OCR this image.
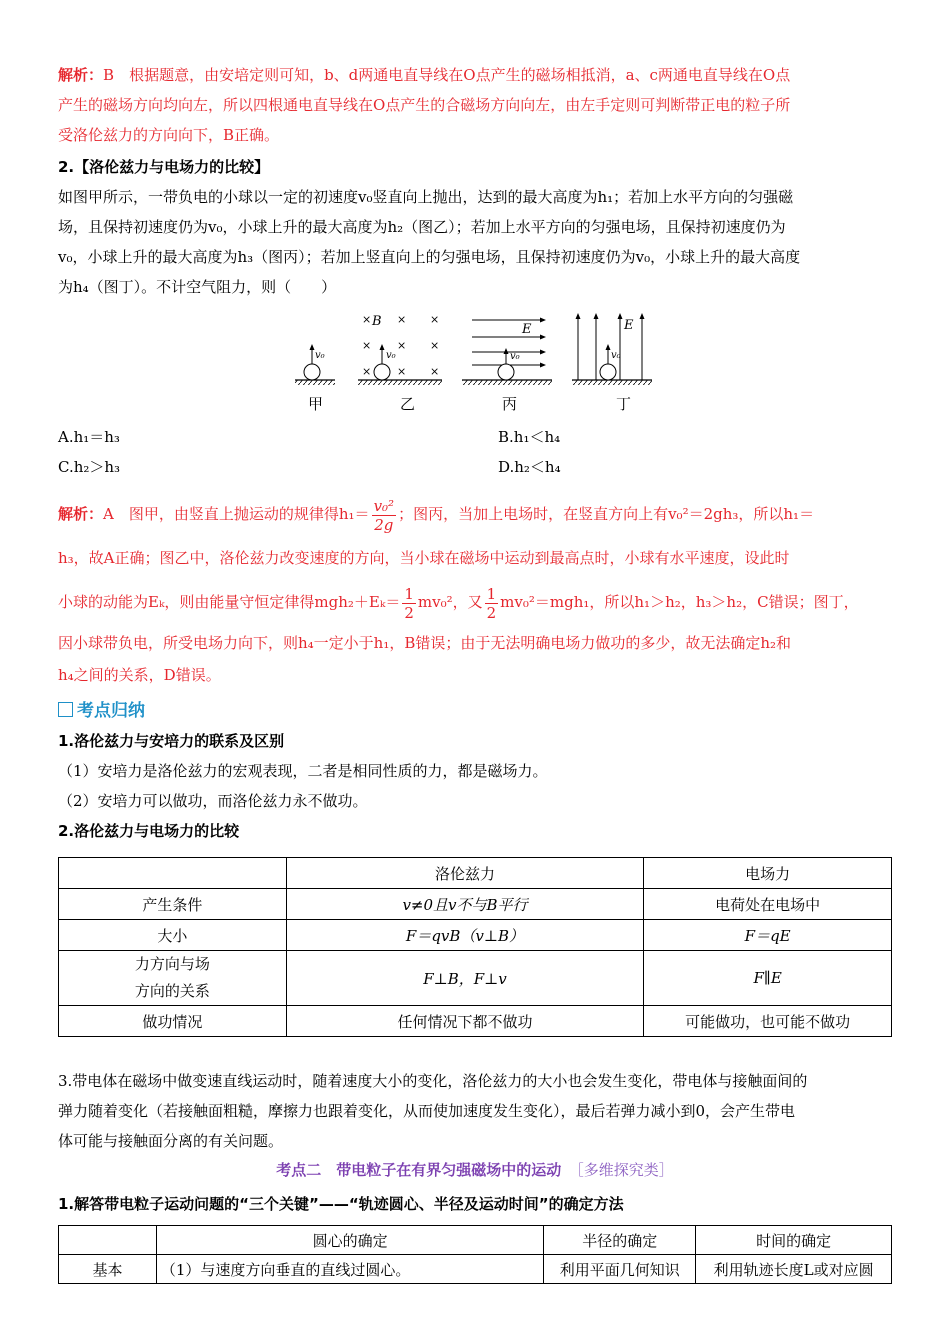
解析：B　 根据题意，由安培定则可知，b、d两通电直导线在O点产生的磁场相抵消，a、c两通电直导线在O点
产生的磁场方向均向左，所以四根通电直导线在O点产生的合磁场方向向左，由左手定则可判断带正电的粒子所
受洛伦兹力的方向向下，B正确。
2.【洛伦兹力与电场力的比较】
如图甲所示，一带负电的小球以一定的初速度v₀竖直向上抛出，达到的最大高度为h₁；若加上水平方向的匀强磁
场，且保持初速度仍为v₀，小球上升的最大高度为h₂（图乙）；若加上水平方向的匀强电场，且保持初速度仍为
v₀，小球上升的最大高度为h₃（图丙）；若加上竖直向上的匀强电场，且保持初速度仍为v₀，小球上升的最大高度
为h₄（图丁）。不计空气阻力，则（　　）
v₀
× B × ×
× × ×
× × ×
v₀
E
v₀
E
v₀
甲	乙	丙	丁
A.h₁＝h₃	B.h₁＜h₄
C.h₂＞h₃	D.h₂＜h₄
解析：A　 图甲，由竖直上抛运动的规律得$h_1= \frac{\text{v₀²}}{2g}$ ；图丙，当加上电场时，在竖直方向上有v₀²＝2gh₃，所以h₁＝
h₃，故A正确；图乙中，洛伦兹力改变速度的方向，当小球在磁场中运动到最高点时，小球有水平速度，设此时
小球的动能为Eₖ，则由能量守恒定律得$mgh_2+E_k= \frac{1}{2} mv_0^2$，又 $\frac{1}{2} mv_0^2=mgh_1$，所以h₁＞h₂，h₃＞h₂，C错误；图丁，
因小球带负电，所受电场力向下，则h₄一定小于h₁，B错误；由于无法明确电场力做功的多少，故无法确定h₂和
h₄之间的关系，D错误。
考点归纳
1.洛伦兹力与安培力的联系及区别
（1）安培力是洛伦兹力的宏观表现，二者是相同性质的力，都是磁场力。
（2）安培力可以做功，而洛伦兹力永不做功。
2.洛伦兹力与电场力的比较
	洛伦兹力	电场力
产生条件	v≠0且v不与B平行	电荷处在电场中
大小	F＝qvB（v⊥B）	F＝qE

力方向与场
方向的关系	F⊥B，F⊥v	F∥E
做功情况	任何情况下都不做功	可能做功，也可能不做功
3.带电体在磁场中做变速直线运动时，随着速度大小的变化，洛伦兹力的大小也会发生变化，带电体与接触面间的
弹力随着变化（若接触面粗糙，摩擦力也跟着变化，从而使加速度发生变化），最后若弹力减小到0，会产生带电
体可能与接触面分离的有关问题。
考点二　带电粒子在有界匀强磁场中的运动　 ［多维探究类］
1.解答带电粒子运动问题的“三个关键”——“轨迹圆心、半径及运动时间”的确定方法
	圆心的确定	半径的确定	时间的确定
基本	（1）与速度方向垂直的直线过圆心。	利用平面几何知识	利用轨迹长度L或对应圆
